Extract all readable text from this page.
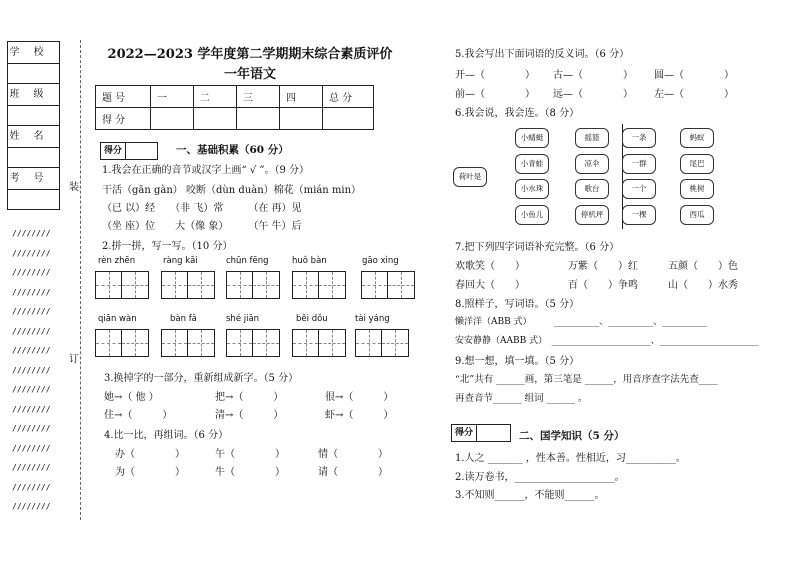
学校
班级
姓名
考号
////////
////////
////////
////////
////////
////////
////////
////////
////////
////////
////////
////////
////////
////////
////////
装
订
2022—2023 学年度第二学期期末综合素质评价
一年语文
题 号	一	二	三	四	总 分
得 分					
得分	一、基础积累（60 分）
1.我会在正确的音节或汉字上画“ √ ”。（9 分）
干活（gān gàn） 咬断（dùn duàn）棉花（mián min）
（已 以）经　　（非 飞）常　　　（在 再）见
（坐 座）位　　大（像 象）　　　（午 牛）后
2.拼一拼，写一写。（10 分）
rèn zhēn	ràng kāi	chūn fēng	huǒ bàn	gāo xìng
qiān wàn	bàn fǎ	shé jiān	běi dǒu	tài yáng
3.换掉字的一部分，重新组成新字。（5 分）
她→（ 他 ）	把→（　　　）	很→（　　　）
住→（　　　）	清→（　　　）	虾→（　　　）
4.比一比，再组词。（6 分）
办（　　　　）	午（　　　　）	情（　　　　）
为（　　　　）	牛（　　　　）	请（　　　　）
5.我会写出下面词语的反义词。（6 分）
开—（　　　　） 古—（　　　　） 圆—（　　　　）
前—（　　　　） 远—（　　　　） 左—（　　　　）
6.我会说，我会连。（8 分）
荷叶是
小蜻蜓
小青蛙
小水珠
小鱼儿
摇篮
凉伞
歌台
停机坪
一条
一群
一个
一棵
蚂蚁
尾巴
桃树
西瓜
7.把下列四字词语补充完整。（6 分）
欢歌笑（　　）	万紫（　　）红	五颜（　　）色
春回大（　　）	百（　　）争鸣	山（　　）水秀
8.照样子，写词语。（5 分）
懒洋洋（ABB 式）　　　__________、__________、__________
安安静静（AABB 式）　______________________、______________________
9.想一想，填一填。（5 分）
“北”共有 ______画，第三笔是 ______，用音序查字法先查____
再查音节______ 组词 ______ 。
得分	二、国学知识（5 分）
1.人之 _______ ，性本善。性相近，习__________。
2.读万卷书，____________________。
3.不知则______，不能则______。
